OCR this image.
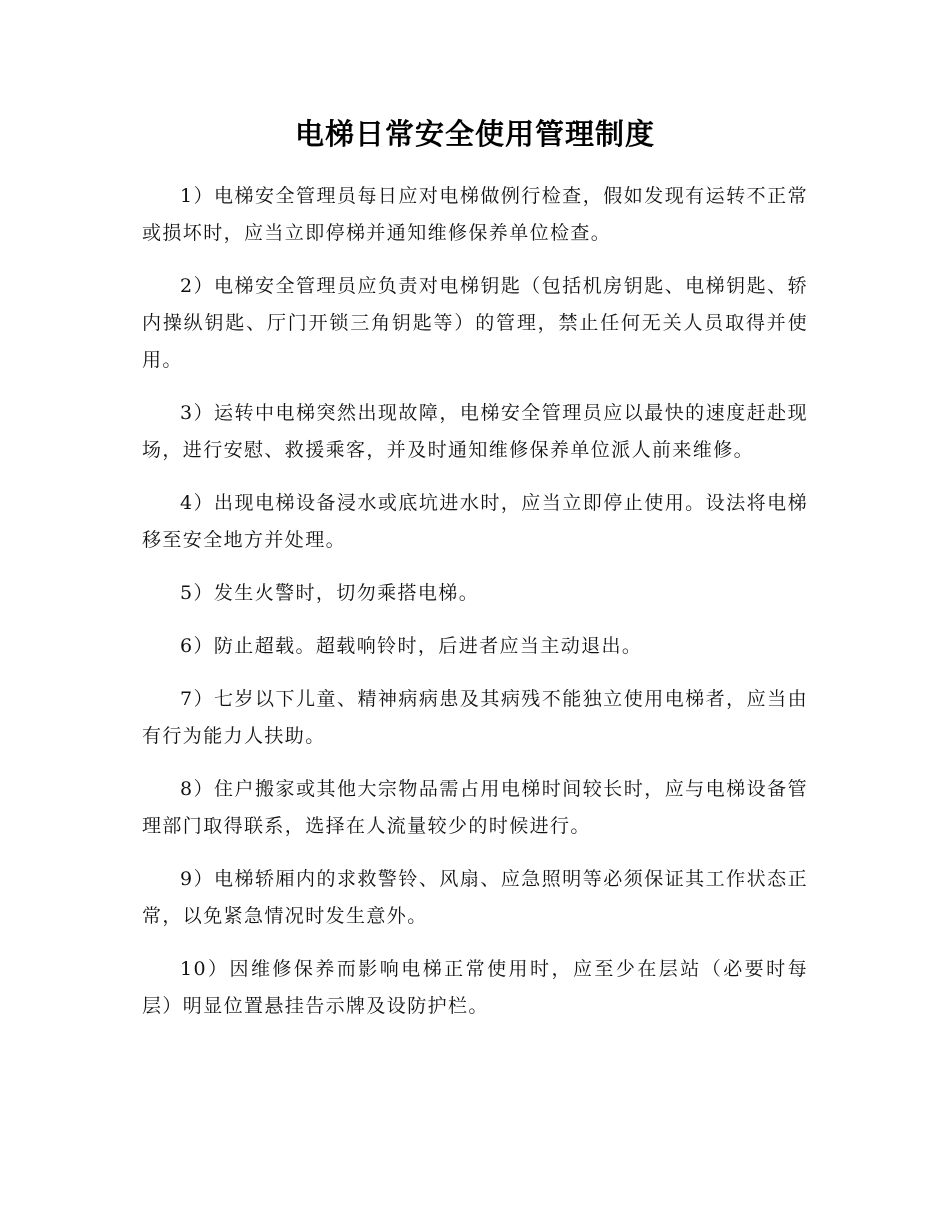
电梯日常安全使用管理制度

1）电梯安全管理员每日应对电梯做例行检查，假如发现有运转不正常或损坏时，应当立即停梯并通知维修保养单位检查。

2）电梯安全管理员应负责对电梯钥匙（包括机房钥匙、电梯钥匙、轿内操纵钥匙、厅门开锁三角钥匙等）的管理，禁止任何无关人员取得并使用。

3）运转中电梯突然出现故障，电梯安全管理员应以最快的速度赶赴现场，进行安慰、救援乘客，并及时通知维修保养单位派人前来维修。

4）出现电梯设备浸水或底坑进水时，应当立即停止使用。设法将电梯移至安全地方并处理。

5）发生火警时，切勿乘搭电梯。

6）防止超载。超载响铃时，后进者应当主动退出。

7）七岁以下儿童、精神病病患及其病残不能独立使用电梯者，应当由有行为能力人扶助。

8）住户搬家或其他大宗物品需占用电梯时间较长时，应与电梯设备管理部门取得联系，选择在人流量较少的时候进行。

9）电梯轿厢内的求救警铃、风扇、应急照明等必须保证其工作状态正常，以免紧急情况时发生意外。

10）因维修保养而影响电梯正常使用时，应至少在层站（必要时每层）明显位置悬挂告示牌及设防护栏。
